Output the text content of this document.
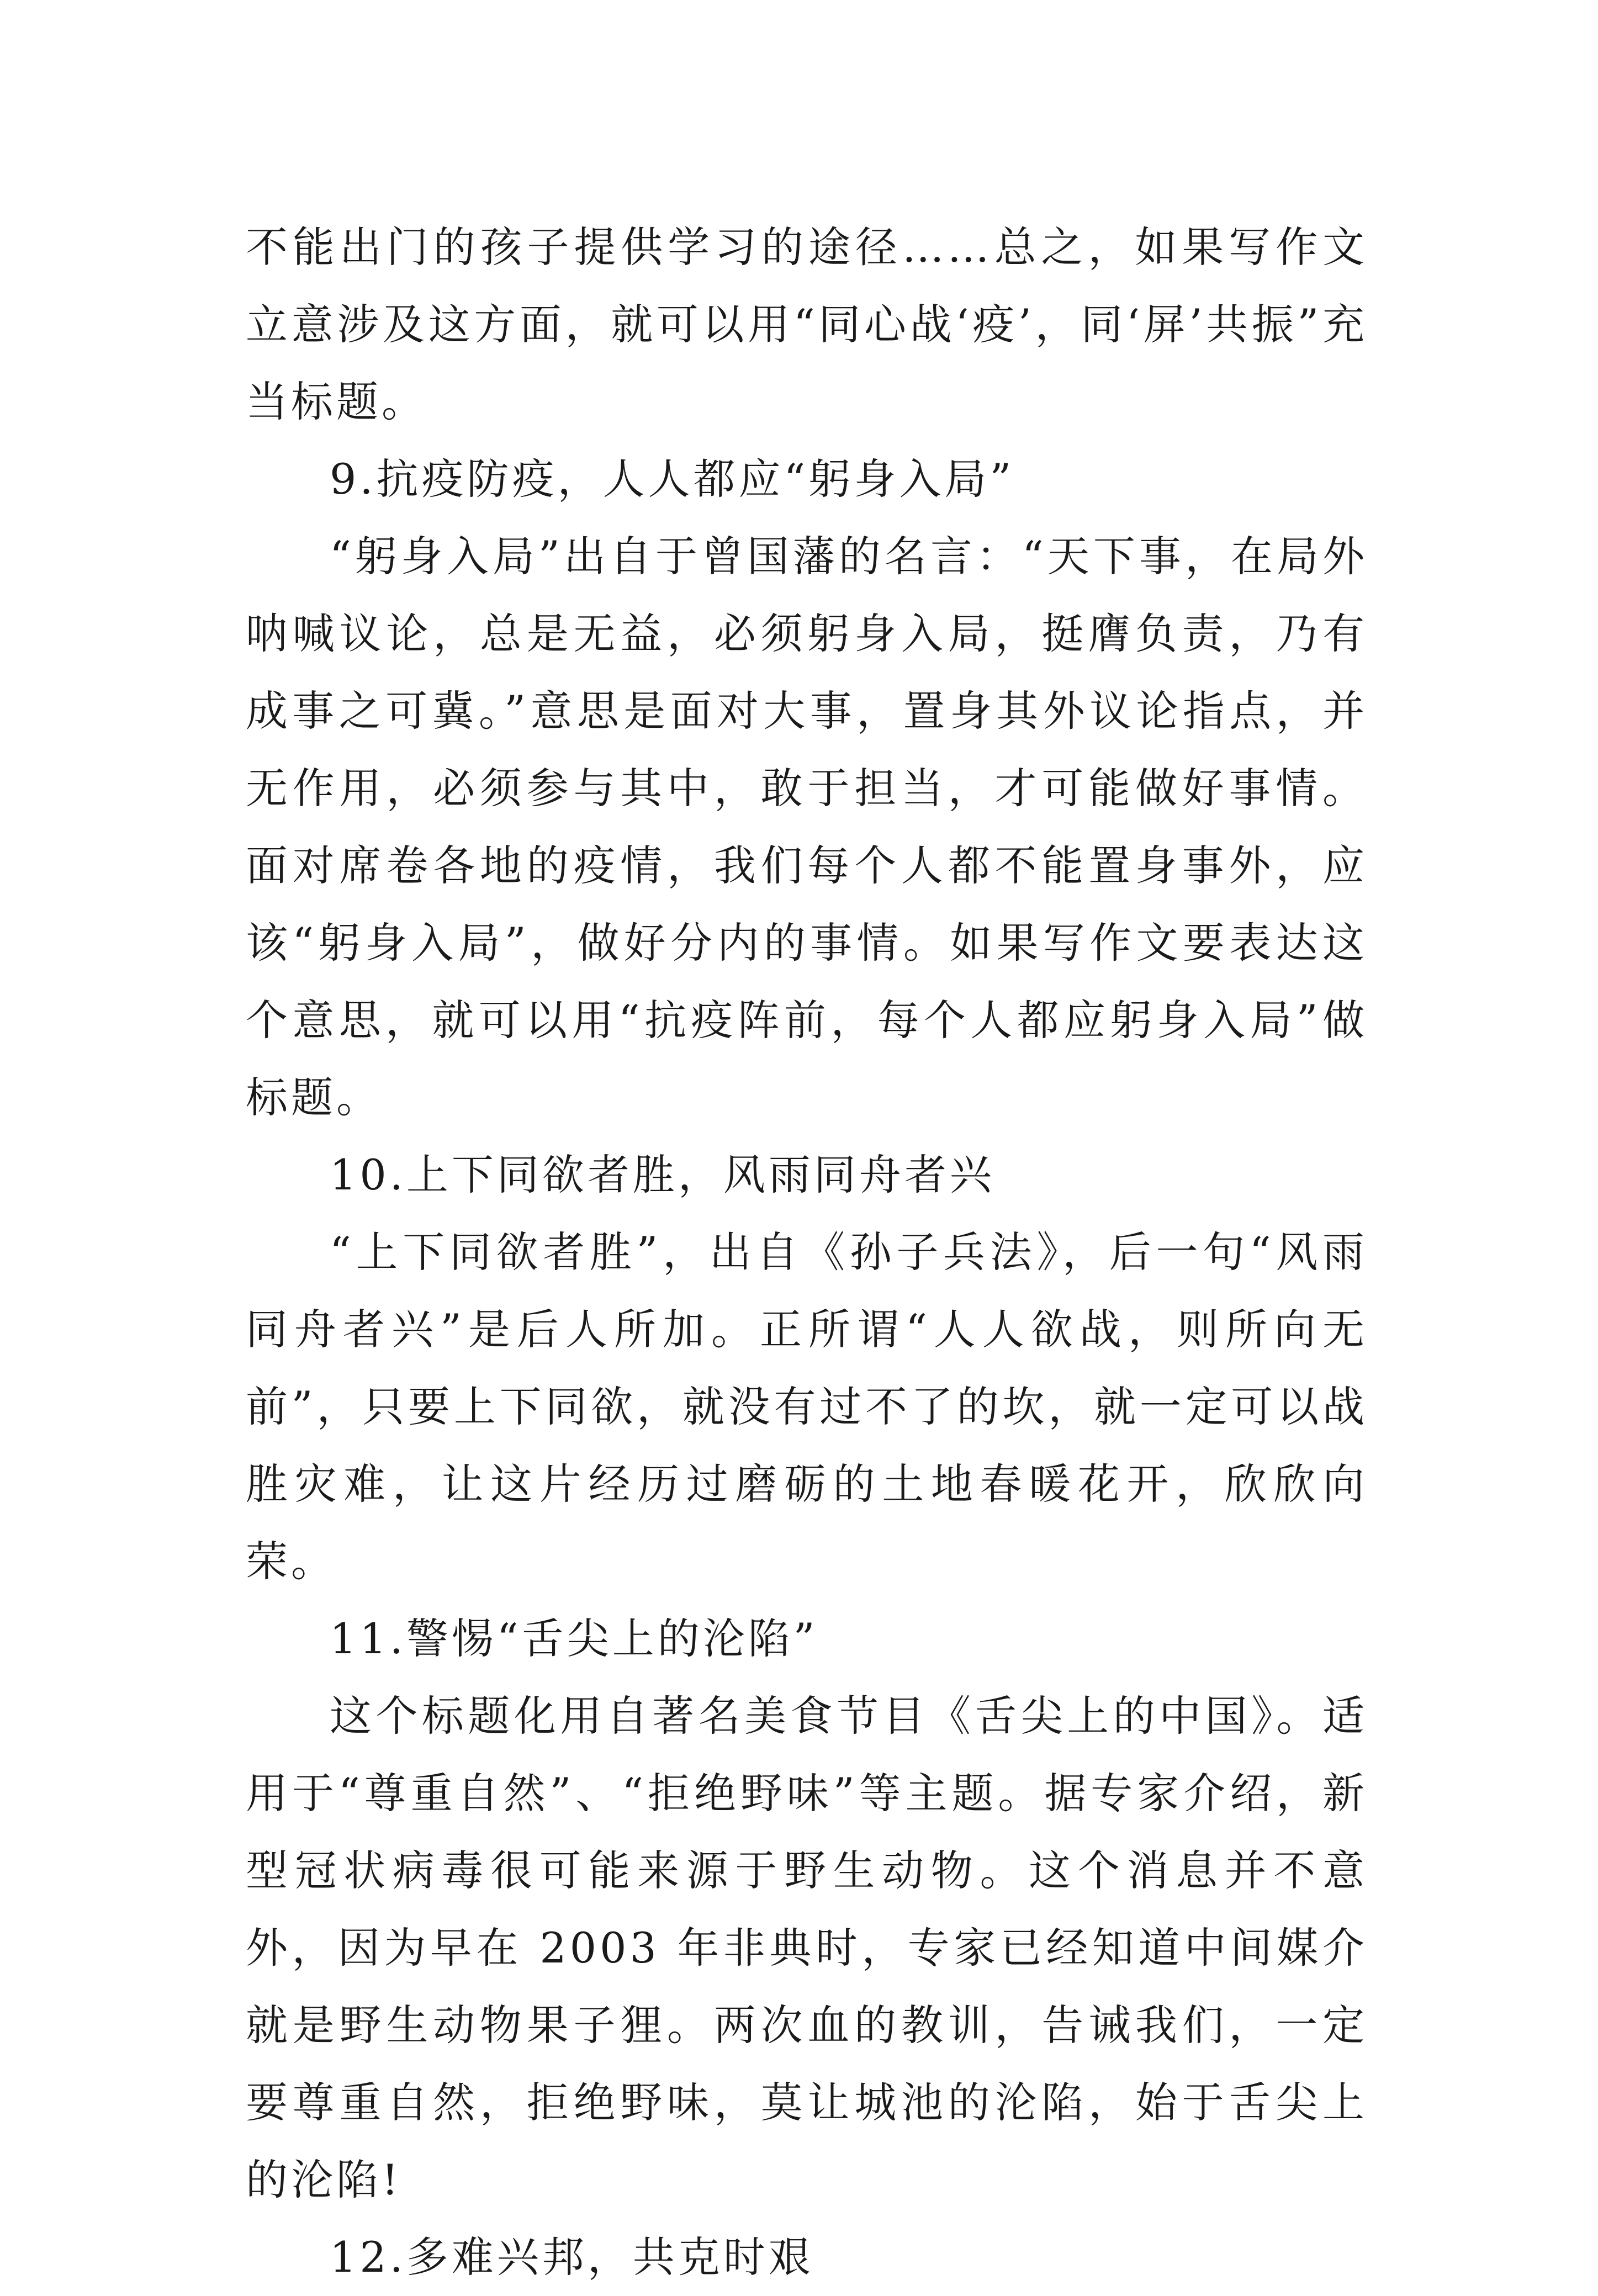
不能出门的孩子提供学习的途径……总之，如果写作文立意涉及这方面，就可以用“同心战‘疫’，同‘屏’共振”充当标题。

9.抗疫防疫，人人都应“躬身入局”

“躬身入局”出自于曾国藩的名言：“天下事，在局外呐喊议论，总是无益，必须躬身入局，挺膺负责，乃有成事之可冀。”意思是面对大事，置身其外议论指点，并无作用，必须参与其中，敢于担当，才可能做好事情。面对席卷各地的疫情，我们每个人都不能置身事外，应该“躬身入局”，做好分内的事情。如果写作文要表达这个意思，就可以用“抗疫阵前，每个人都应躬身入局”做标题。

10.上下同欲者胜，风雨同舟者兴

“上下同欲者胜”，出自《孙子兵法》，后一句“风雨同舟者兴”是后人所加。正所谓“人人欲战，则所向无前”，只要上下同欲，就没有过不了的坎，就一定可以战胜灾难，让这片经历过磨砺的土地春暖花开，欣欣向荣。

11.警惕“舌尖上的沦陷”

这个标题化用自著名美食节目《舌尖上的中国》。适用于“尊重自然”、“拒绝野味”等主题。据专家介绍，新型冠状病毒很可能来源于野生动物。这个消息并不意外，因为早在 2003 年非典时，专家已经知道中间媒介就是野生动物果子狸。两次血的教训，告诫我们，一定要尊重自然，拒绝野味，莫让城池的沦陷，始于舌尖上的沦陷!

12.多难兴邦，共克时艰
